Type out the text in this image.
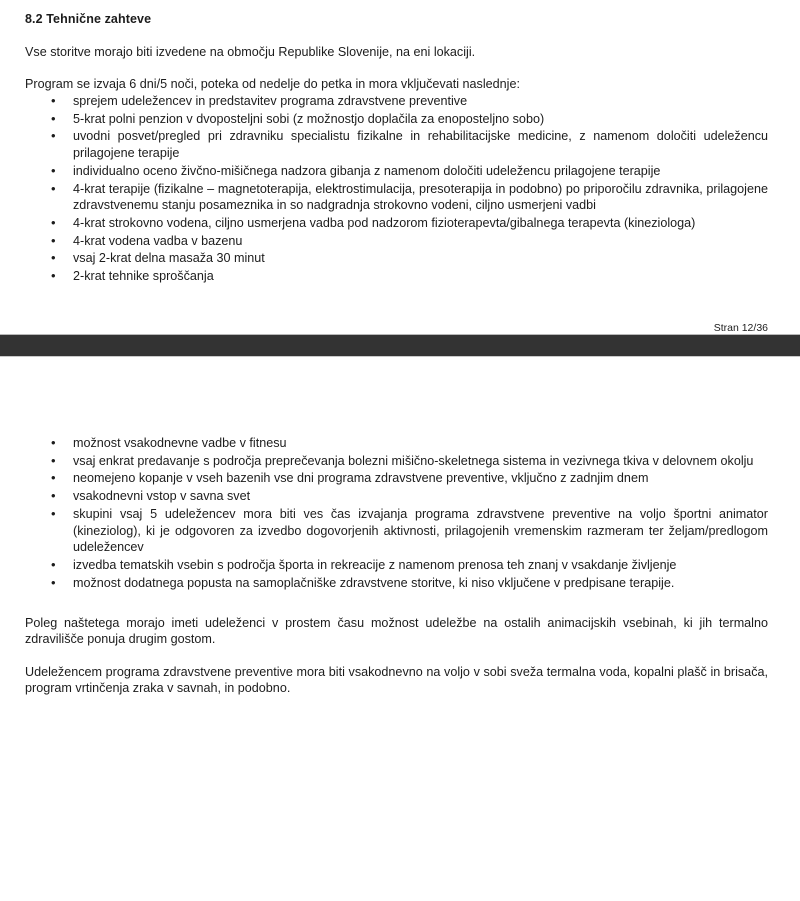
8.2 Tehnične zahteve

Vse storitve morajo biti izvedene na območju Republike Slovenije, na eni lokaciji.

Program se izvaja 6 dni/5 noči, poteka od nedelje do petka in mora vključevati naslednje:

• sprejem udeležencev in predstavitev programa zdravstvene preventive
• 5-krat polni penzion v dvoposteljni sobi (z možnostjo doplačila za enoposteljno sobo)
• uvodni posvet/pregled pri zdravniku specialistu fizikalne in rehabilitacijske medicine, z namenom določiti udeležencu prilagojene terapije
• individualno oceno živčno-mišičnega nadzora gibanja z namenom določiti udeležencu prilagojene terapije
• 4-krat terapije (fizikalne – magnetoterapija, elektrostimulacija, presoterapija in podobno) po priporočilu zdravnika, prilagojene zdravstvenemu stanju posameznika in so nadgradnja strokovno vodeni, ciljno usmerjeni vadbi
• 4-krat strokovno vodena, ciljno usmerjena vadba pod nadzorom fizioterapevta/gibalnega terapevta (kineziologa)
• 4-krat vodena vadba v bazenu
• vsaj 2-krat delna masaža 30 minut
• 2-krat tehnike sproščanja
Stran 12/36
• možnost vsakodnevne vadbe v fitnesu
• vsaj enkrat predavanje s področja preprečevanja bolezni mišično-skeletnega sistema in vezivnega tkiva v delovnem okolju
• neomejeno kopanje v vseh bazenih vse dni programa zdravstvene preventive, vključno z zadnjim dnem
• vsakodnevni vstop v savna svet
• skupini vsaj 5 udeležencev mora biti ves čas izvajanja programa zdravstvene preventive na voljo športni animator (kineziolog), ki je odgovoren za izvedbo dogovorjenih aktivnosti, prilagojenih vremenskim razmeram ter željam/predlogom udeležencev
• izvedba tematskih vsebin s področja športa in rekreacije z namenom prenosa teh znanj v vsakdanje življenje
• možnost dodatnega popusta na samoplačniške zdravstvene storitve, ki niso vključene v predpisane terapije.

Poleg naštetega morajo imeti udeleženci v prostem času možnost udeležbe na ostalih animacijskih vsebinah, ki jih termalno zdravilišče ponuja drugim gostom.

Udeležencem programa zdravstvene preventive mora biti vsakodnevno na voljo v sobi sveža termalna voda, kopalni plašč in brisača, program vrtinčenja zraka v savnah, in podobno.
